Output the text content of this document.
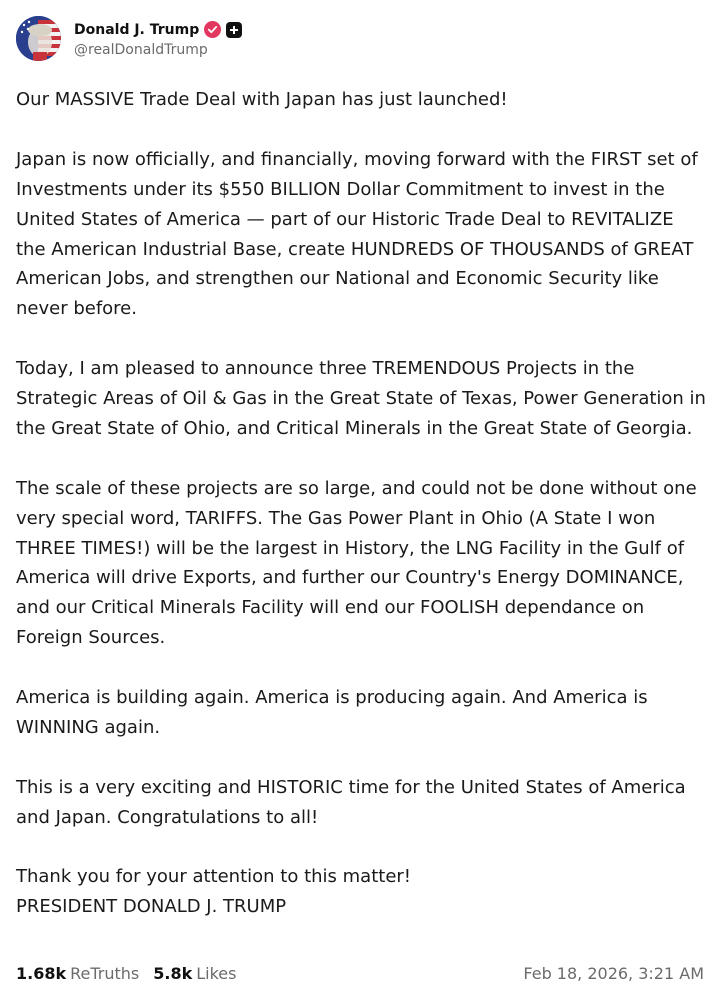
Donald J. Trump
@realDonaldTrump

Our MASSIVE Trade Deal with Japan has just launched!

Japan is now officially, and financially, moving forward with the FIRST set of Investments under its $550 BILLION Dollar Commitment to invest in the United States of America — part of our Historic Trade Deal to REVITALIZE the American Industrial Base, create HUNDREDS OF THOUSANDS of GREAT American Jobs, and strengthen our National and Economic Security like never before.

Today, I am pleased to announce three TREMENDOUS Projects in the Strategic Areas of Oil & Gas in the Great State of Texas, Power Generation in the Great State of Ohio, and Critical Minerals in the Great State of Georgia.

The scale of these projects are so large, and could not be done without one very special word, TARIFFS. The Gas Power Plant in Ohio (A State I won THREE TIMES!) will be the largest in History, the LNG Facility in the Gulf of America will drive Exports, and further our Country's Energy DOMINANCE, and our Critical Minerals Facility will end our FOOLISH dependance on Foreign Sources.

America is building again. America is producing again. And America is WINNING again.

This is a very exciting and HISTORIC time for the United States of America and Japan. Congratulations to all!

Thank you for your attention to this matter!

PRESIDENT DONALD J. TRUMP

1.68k ReTruths 5.8k Likes	Feb 18, 2026, 3:21 AM
